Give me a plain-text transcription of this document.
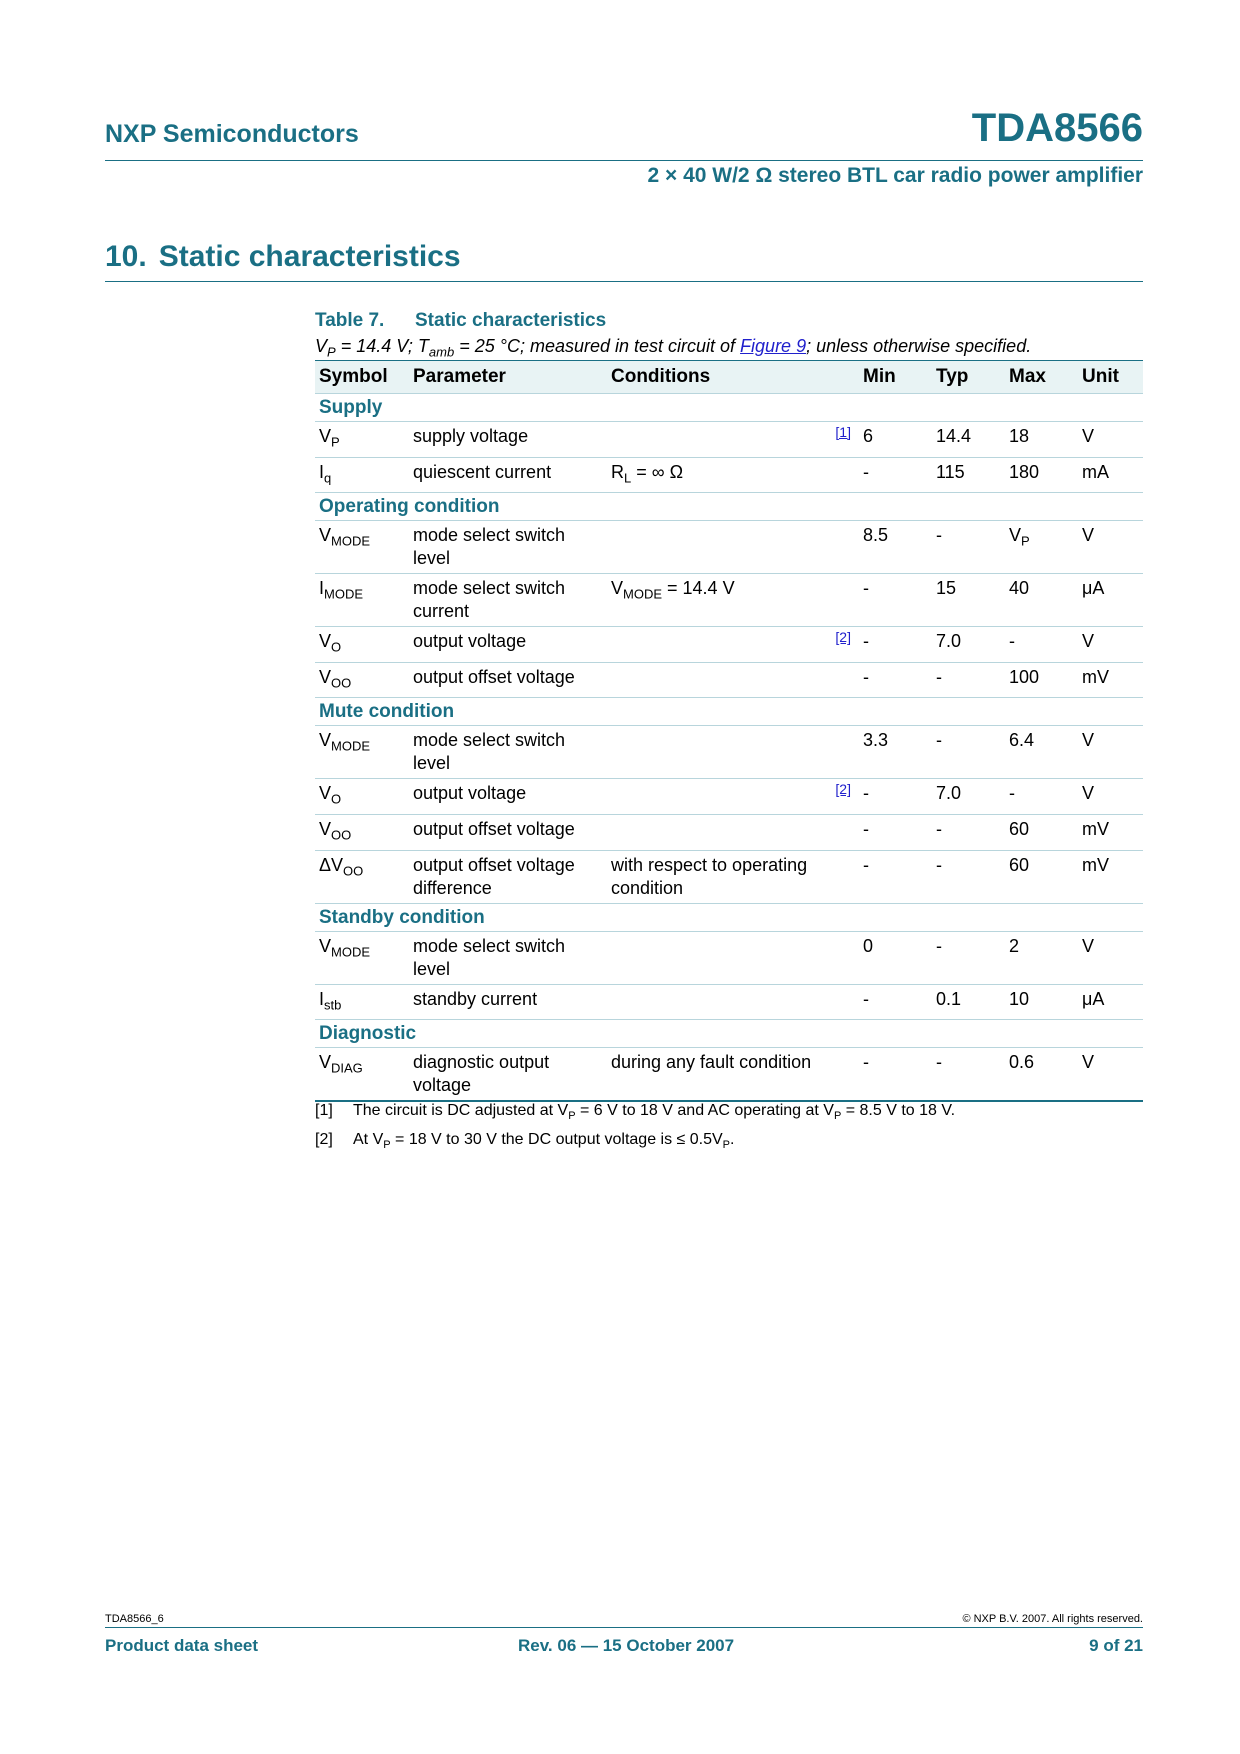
NXP Semiconductors	TDA8566
2 × 40 W/2 Ω stereo BTL car radio power amplifier
10. Static characteristics
Table 7. Static characteristics
$V_P = 14.4$ V; $T_{amb} = 25$ °C; measured in test circuit of Figure 9; unless otherwise specified.
Symbol	Parameter	Conditions		Min	Typ	Max	Unit
Supply							
$V_P$	supply voltage		[1]	6	14.4	18	V
$I_q$	quiescent current	$R_L$ = ∞ Ω		-	115	180	mA
Operating condition							
$V_{MODE}$	mode select switch level			8.5	-	$V_P$	V
$I_{MODE}$	mode select switch current	$V_{MODE} = 14.4$ V		-	15	40	μA
$V_O$	output voltage		[2]	-	7.0	-	V
$V_{OO}$	output offset voltage			-	-	100	mV
Mute condition							
$V_{MODE}$	mode select switch level			3.3	-	6.4	V
$V_O$	output voltage		[2]	-	7.0	-	V
$V_{OO}$	output offset voltage			-	-	60	mV
$\Delta V_{OO}$	output offset voltage difference	with respect to operating condition		-	-	60	mV
Standby condition							
$V_{MODE}$	mode select switch level			0	-	2	V
$I_{stb}$	standby current			-	0.1	10	μA
Diagnostic							
$V_{DIAG}$	diagnostic output voltage	during any fault condition		-	-	0.6	V
[1] The circuit is DC adjusted at $V_P = 6$ V to 18 V and AC operating at $V_P = 8.5$ V to 18 V.
[2] At $V_P = 18$ V to 30 V the DC output voltage is ≤ $0.5V_P$.
TDA8566_6	© NXP B.V. 2007. All rights reserved.
Product data sheet	Rev. 06 — 15 October 2007	9 of 21
